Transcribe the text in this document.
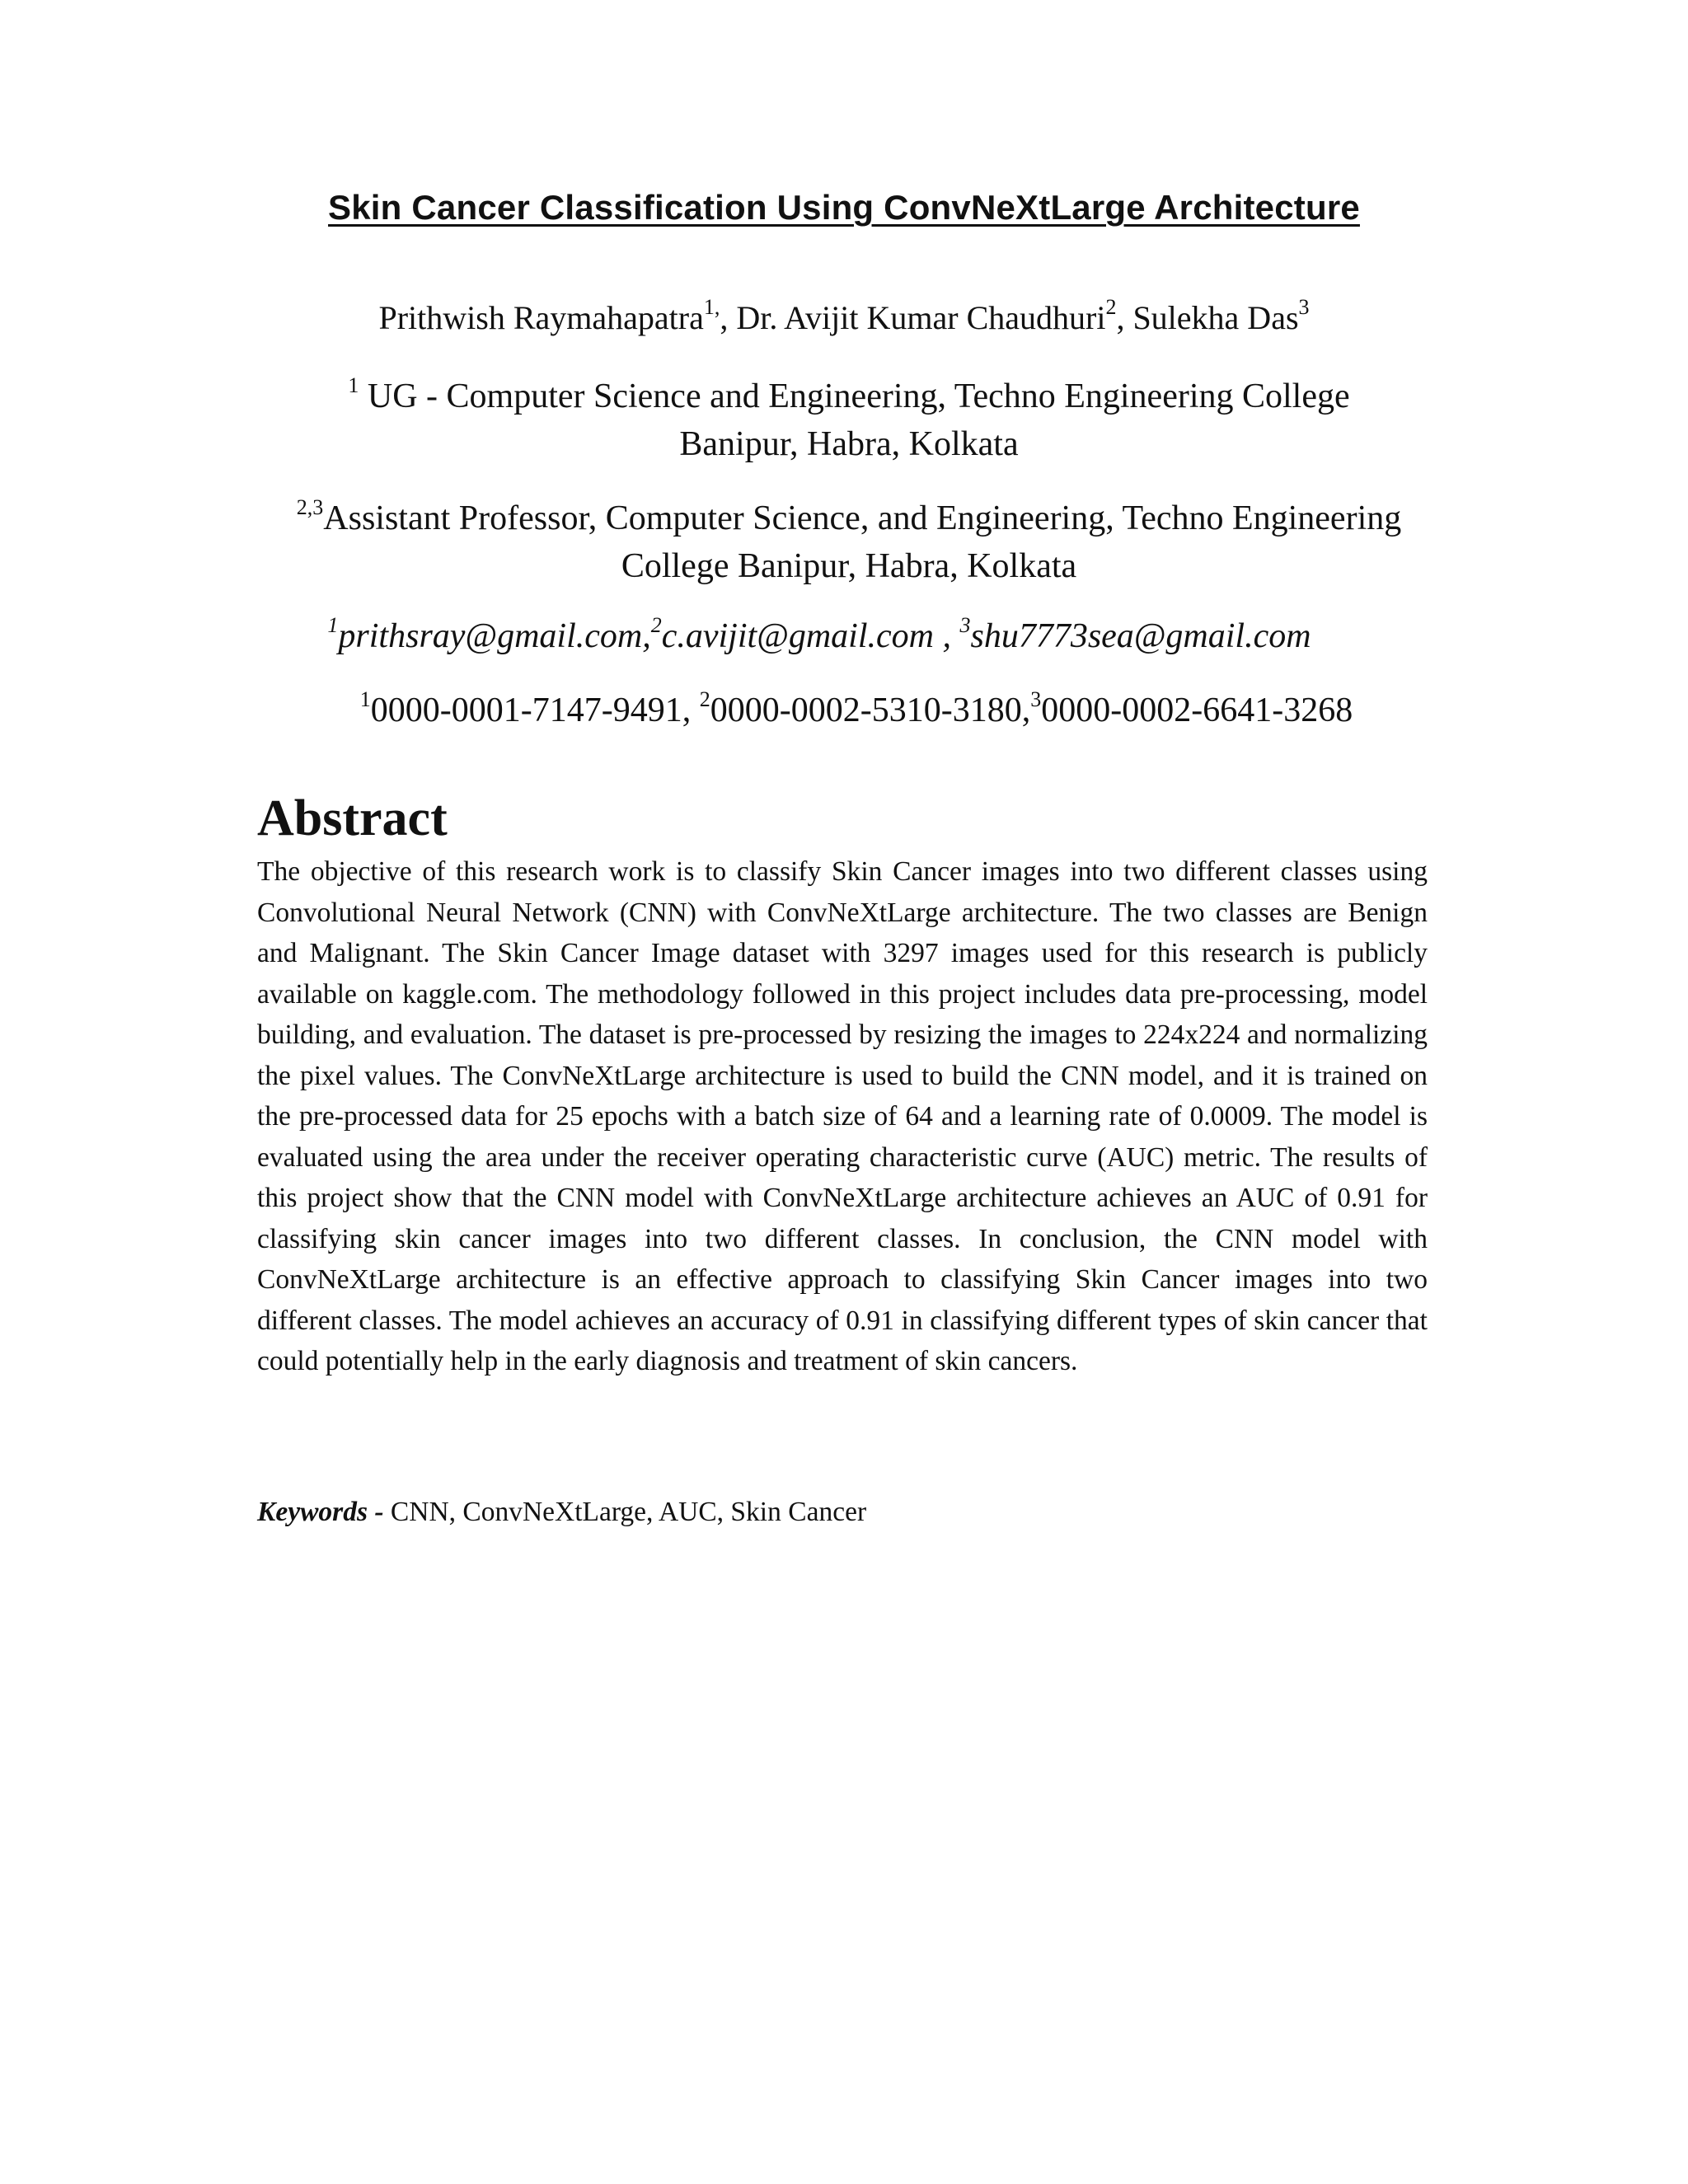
Skin Cancer Classification Using ConvNeXtLarge Architecture
Prithwish Raymahapatra$^{1,}$, Dr. Avijit Kumar Chaudhuri$^2$, Sulekha Das$^3$
$^1$ UG - Computer Science and Engineering, Techno Engineering College Banipur, Habra, Kolkata
$^{2,3}$Assistant Professor, Computer Science, and Engineering, Techno Engineering College Banipur, Habra, Kolkata
$^1$prithsray@gmail.com,$^2$c.avijit@gmail.com , $^3$shu7773sea@gmail.com
$^1$0000-0001-7147-9491, $^2$0000-0002-5310-3180,$^3$0000-0002-6641-3268
Abstract
The objective of this research work is to classify Skin Cancer images into two different classes using Convolutional Neural Network (CNN) with ConvNeXtLarge architecture. The two classes are Benign and Malignant. The Skin Cancer Image dataset with 3297 images used for this research is publicly available on kaggle.com. The methodology followed in this project includes data pre-processing, model building, and evaluation. The dataset is pre-processed by resizing the images to 224x224 and normalizing the pixel values. The ConvNeXtLarge architecture is used to build the CNN model, and it is trained on the pre-processed data for 25 epochs with a batch size of 64 and a learning rate of 0.0009. The model is evaluated using the area under the receiver operating characteristic curve (AUC) metric. The results of this project show that the CNN model with ConvNeXtLarge architecture achieves an AUC of 0.91 for classifying skin cancer images into two different classes. In conclusion, the CNN model with ConvNeXtLarge architecture is an effective approach to classifying Skin Cancer images into two different classes. The model achieves an accuracy of 0.91 in classifying different types of skin cancer that could potentially help in the early diagnosis and treatment of skin cancers.
Keywords - CNN, ConvNeXtLarge, AUC, Skin Cancer
